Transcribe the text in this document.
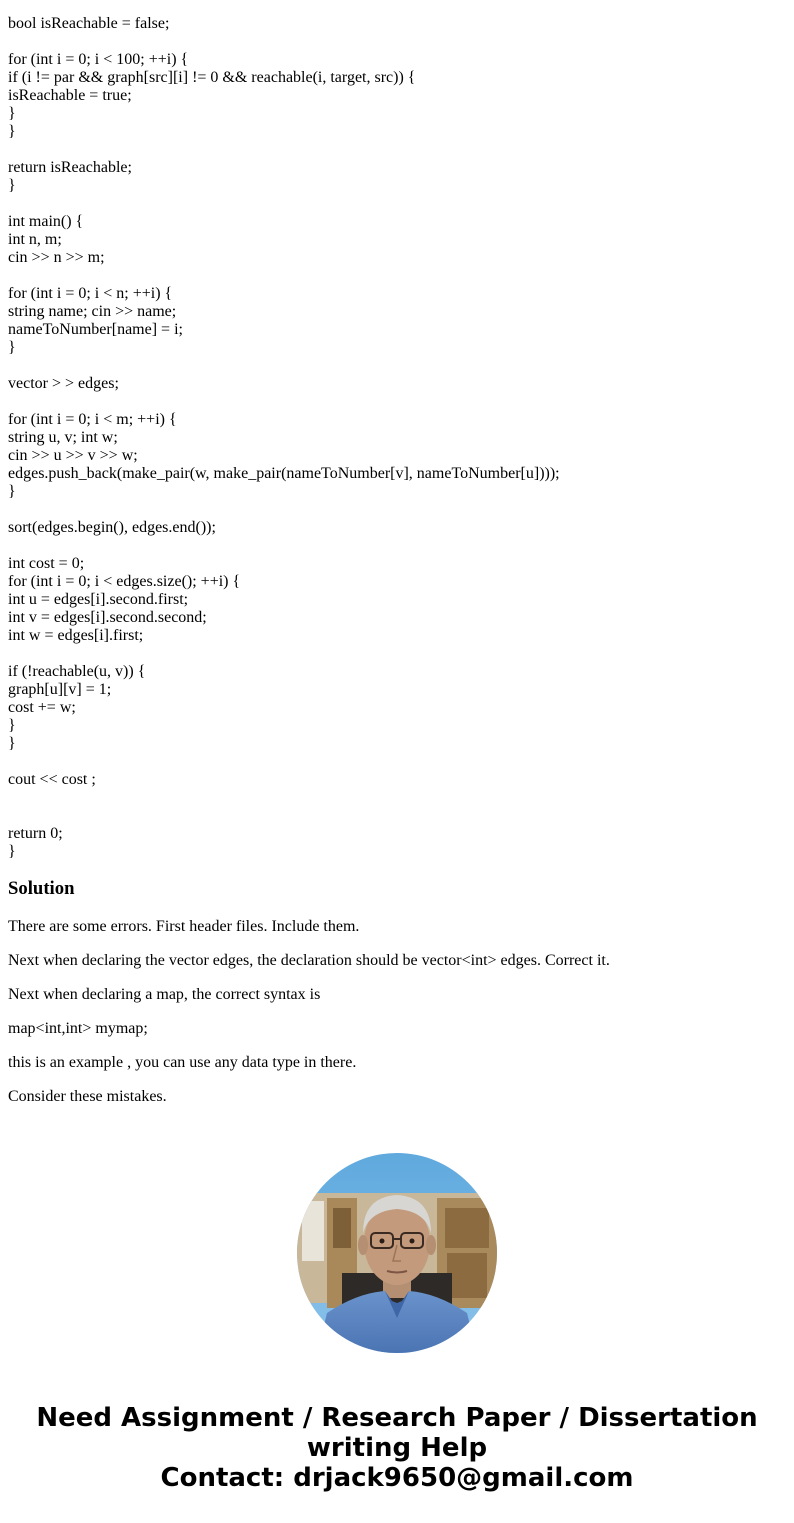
bool isReachable = false;
for (int i = 0; i < 100; ++i) {
if (i != par && graph[src][i] != 0 && reachable(i, target, src)) {
isReachable = true;
}
}
return isReachable;
}
int main() {
int n, m;
cin >> n >> m;
for (int i = 0; i < n; ++i) {
string name; cin >> name;
nameToNumber[name] = i;
}
vector > > edges;
for (int i = 0; i < m; ++i) {
string u, v; int w;
cin >> u >> v >> w;
edges.push_back(make_pair(w, make_pair(nameToNumber[v], nameToNumber[u])));
}
sort(edges.begin(), edges.end());
int cost = 0;
for (int i = 0; i < edges.size(); ++i) {
int u = edges[i].second.first;
int v = edges[i].second.second;
int w = edges[i].first;
if (!reachable(u, v)) {
graph[u][v] = 1;
cost += w;
}
}
cout << cost ;
return 0;
}
Solution

There are some errors. First header files. Include them.

Next when declaring the vector edges, the declaration should be vector<int> edges. Correct it.

Next when declaring a map, the correct syntax is

map<int,int> mymap;

this is an example , you can use any data type in there.

Consider these mistakes.

Need Assignment / Research Paper / Dissertation
writing Help
Contact: drjack9650@gmail.com
